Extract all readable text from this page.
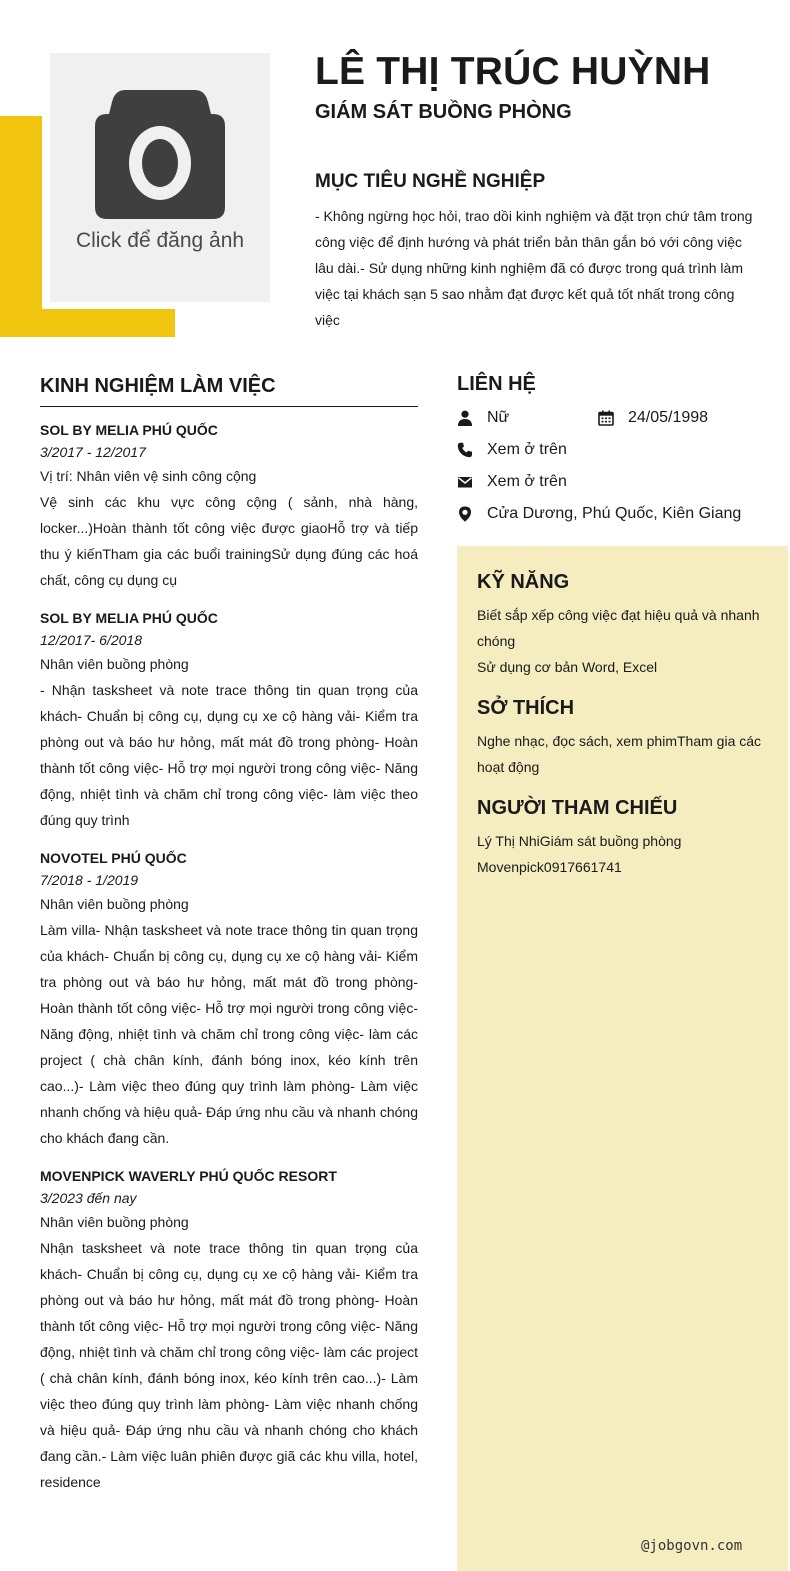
Click để đăng ảnh
LÊ THỊ TRÚC HUỲNH
GIÁM SÁT BUỒNG PHÒNG
MỤC TIÊU NGHỀ NGHIỆP

- Không ngừng học hỏi, trao dồi kinh nghiệm và đặt trọn chứ tâm trong công việc để định hướng và phát triển bản thân gắn bó với công việc lâu dài.- Sử dụng những kinh nghiệm đã có được trong quá trình làm việc tại khách sạn 5 sao nhằm đạt được kết quả tốt nhất trong công việc

KINH NGHIỆM LÀM VIỆC
SOL BY MELIA PHÚ QUỐC
3/2017 - 12/2017
Vị trí: Nhân viên vệ sinh công cộng
Vệ sinh các khu vực công cộng ( sảnh, nhà hàng, locker...)Hoàn thành tốt công việc được giaoHỗ trợ và tiếp thu ý kiếnTham gia các buổi trainingSử dụng đúng các hoá chất, công cụ dụng cụ
SOL BY MELIA PHÚ QUỐC
12/2017- 6/2018
Nhân viên buồng phòng
- Nhận tasksheet và note trace thông tin quan trọng của khách- Chuẩn bị công cụ, dụng cụ xe cộ hàng vải- Kiểm tra phòng out và báo hư hỏng, mất mát đồ trong phòng- Hoàn thành tốt công việc- Hỗ trợ mọi người trong công việc- Năng động, nhiệt tình và chăm chỉ trong công việc- làm việc theo đúng quy trình
NOVOTEL PHÚ QUỐC
7/2018 - 1/2019
Nhân viên buồng phòng
Làm villa- Nhận tasksheet và note trace thông tin quan trọng của khách- Chuẩn bị công cụ, dụng cụ xe cộ hàng vải- Kiểm tra phòng out và báo hư hỏng, mất mát đồ trong phòng- Hoàn thành tốt công việc- Hỗ trợ mọi người trong công việc- Năng động, nhiệt tình và chăm chỉ trong công việc- làm các project ( chà chân kính, đánh bóng inox, kéo kính trên cao...)- Làm việc theo đúng quy trình làm phòng- Làm việc nhanh chống và hiệu quả- Đáp ứng nhu cầu và nhanh chóng cho khách đang cần.
MOVENPICK WAVERLY PHÚ QUỐC RESORT
3/2023 đến nay
Nhân viên buồng phòng
Nhận tasksheet và note trace thông tin quan trọng của khách- Chuẩn bị công cụ, dụng cụ xe cộ hàng vải- Kiểm tra phòng out và báo hư hỏng, mất mát đồ trong phòng- Hoàn thành tốt công việc- Hỗ trợ mọi người trong công việc- Năng động, nhiệt tình và chăm chỉ trong công việc- làm các project ( chà chân kính, đánh bóng inox, kéo kính trên cao...)- Làm việc theo đúng quy trình làm phòng- Làm việc nhanh chống và hiệu quả- Đáp ứng nhu cầu và nhanh chóng cho khách đang cần.- Làm việc luân phiên được giã các khu villa, hotel, residence
LIÊN HỆ
Nữ	24/05/1998
Xem ở trên
Xem ở trên
Cửa Dương, Phú Quốc, Kiên Giang
KỸ NĂNG

Biết sắp xếp công việc đạt hiệu quả và nhanh chóng

Sử dụng cơ bản Word, Excel

SỞ THÍCH

Nghe nhạc, đọc sách, xem phimTham gia các hoạt động

NGƯỜI THAM CHIẾU

Lý Thị NhiGiám sát buồng phòng

Movenpick0917661741

@jobgovn.com
